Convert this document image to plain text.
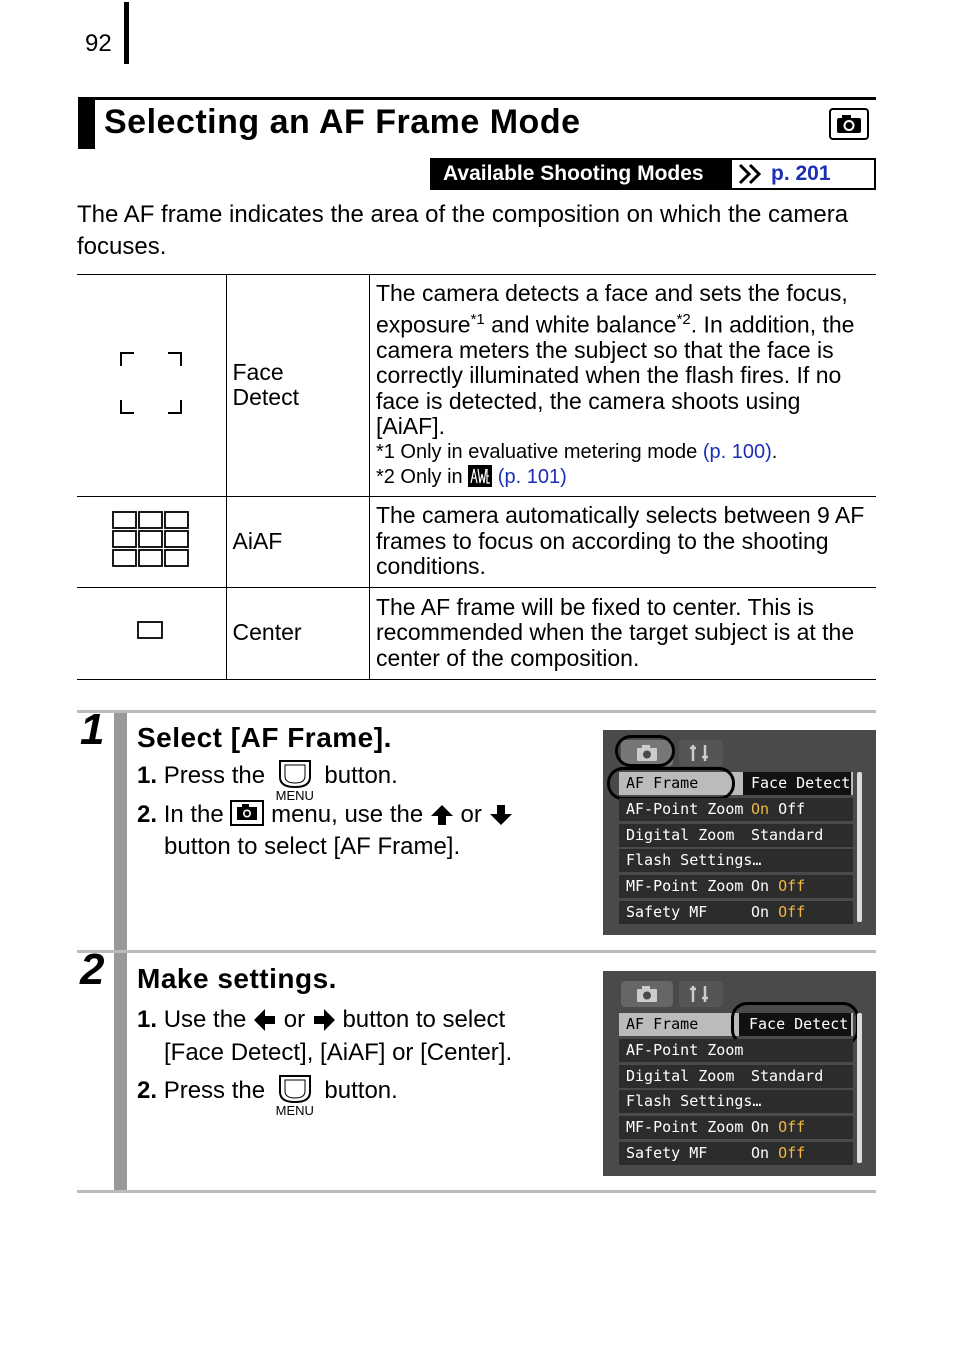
92
Selecting an AF Frame Mode
Available Shooting Modes	p. 201

The AF frame indicates the area of the composition on which the camera focuses.

	Face Detect	The camera detects a face and sets the focus, exposure$^{*1}$ and white balance$^{*2}$. In addition, the camera meters the subject so that the face is correctly illuminated when the flash fires. If no face is detected, the camera shoots using [AiAF].
*1 Only in evaluative metering mode (p. 100).
*2 Only in  (p. 101)

	AiAF	The camera automatically selects between 9 AF frames to focus on according to the shooting conditions.
	Center	The AF frame will be fixed to center. This is recommended when the target subject is at the center of the composition.
1 Select [AF Frame].
1. Press the
MENU
button.
2. In the menu, use the or
button to select [AF Frame].
AF Frame	Face Detect
AF-Point Zoom On Off
Digital Zoom Standard
Flash Settings…
MF-Point Zoom On Off
Safety MF	On Off
2 Make settings.
1. Use the or button to select
[Face Detect], [AiAF] or [Center].
2. Press the
MENU
button.
AF Frame	Face Detect
AF-Point Zoom
Digital Zoom Standard
Flash Settings…
MF-Point Zoom On Off
Safety MF	On Off
